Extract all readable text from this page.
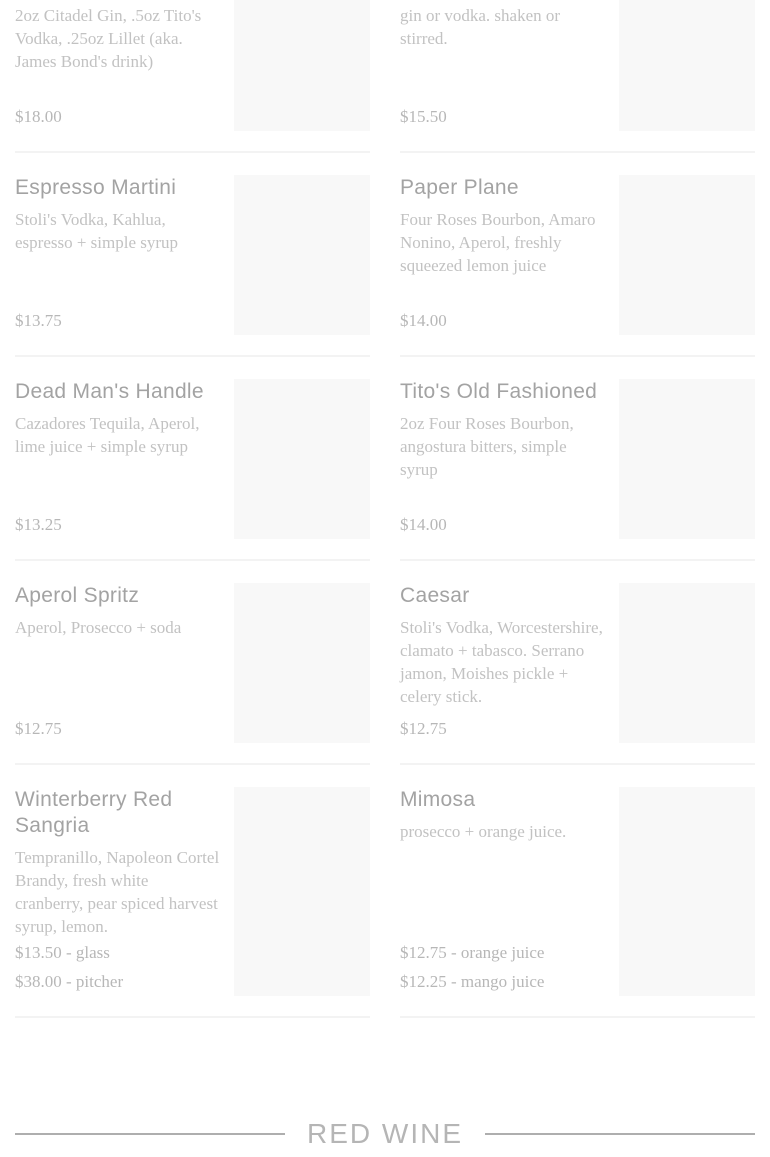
2oz Citadel Gin, .5oz Tito's Vodka, .25oz Lillet (aka. James Bond's drink)
$18.00
gin or vodka. shaken or stirred.
$15.50
Espresso Martini
Stoli's Vodka, Kahlua, espresso + simple syrup
$13.75
Paper Plane
Four Roses Bourbon, Amaro Nonino, Aperol, freshly squeezed lemon juice
$14.00
Dead Man's Handle
Cazadores Tequila, Aperol, lime juice + simple syrup
$13.25
Tito's Old Fashioned
2oz Four Roses Bourbon, angostura bitters, simple syrup
$14.00
Aperol Spritz
Aperol, Prosecco + soda
$12.75
Caesar
Stoli's Vodka, Worcestershire, clamato + tabasco. Serrano jamon, Moishes pickle + celery stick.
$12.75
Winterberry Red Sangria
Tempranillo, Napoleon Cortel Brandy, fresh white cranberry, pear spiced harvest syrup, lemon.
$13.50 - glass
$38.00 - pitcher
Mimosa
prosecco + orange juice.
$12.75 - orange juice
$12.25 - mango juice
RED WINE
